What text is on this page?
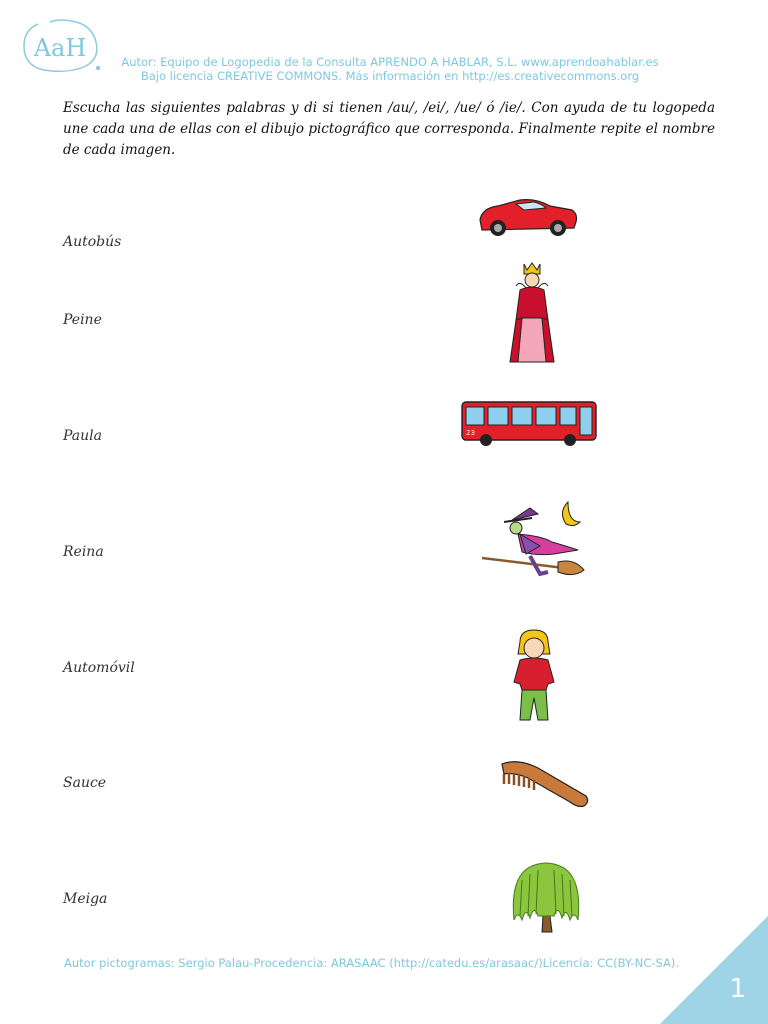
AaH	Autor: Equipo de Logopedia de la Consulta APRENDO A HABLAR, S.L. www.aprendoahablar.es
Bajo licencia CREATIVE COMMONS. Más información en http://es.creativecommons.org
Escucha las siguientes palabras y di si tienen /au/, /ei/, /ue/ ó /ie/. Con ayuda de tu logopeda une cada una de ellas con el dibujo pictográfico que corresponda. Finalmente repite el nombre de cada imagen.
Autobús
Peine
Paula
Reina
Automóvil
Sauce
Meiga
23
Autor pictogramas: Sergio Palau-Procedencia: ARASAAC (http://catedu.es/arasaac/)Licencia: CC(BY-NC-SA).
1
